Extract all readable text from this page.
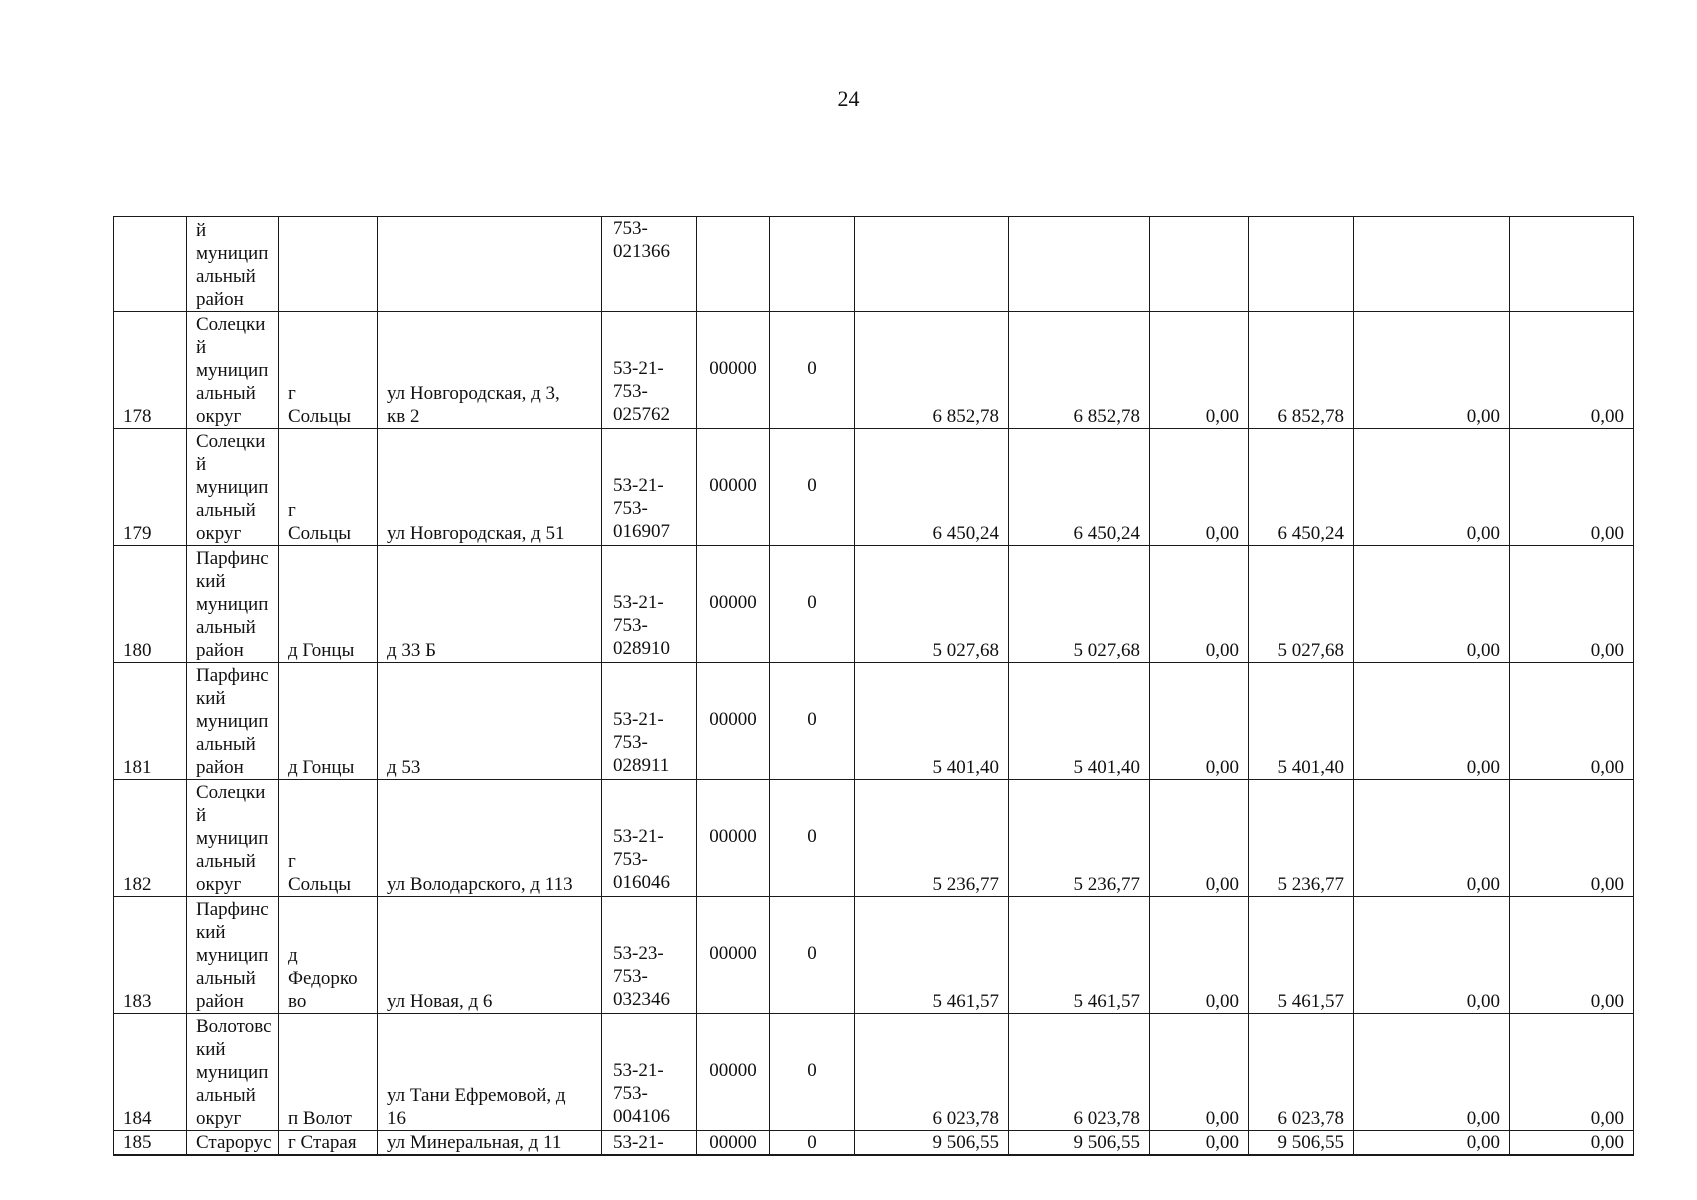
24
	й
муницип
альный
район			753-
021366								
178	Солецки
й
муницип
альный
округ	г
Сольцы	ул Новгородская, д 3,
кв 2	53-21-
753-
025762	00000	0	6 852,78	6 852,78	0,00	6 852,78	0,00	0,00
179	Солецки
й
муницип
альный
округ	г
Сольцы	ул Новгородская, д 51	53-21-
753-
016907	00000	0	6 450,24	6 450,24	0,00	6 450,24	0,00	0,00
180	Парфинс
кий
муницип
альный
район	д Гонцы	д 33 Б	53-21-
753-
028910	00000	0	5 027,68	5 027,68	0,00	5 027,68	0,00	0,00
181	Парфинс
кий
муницип
альный
район	д Гонцы	д 53	53-21-
753-
028911	00000	0	5 401,40	5 401,40	0,00	5 401,40	0,00	0,00
182	Солецки
й
муницип
альный
округ	г
Сольцы	ул Володарского, д 113	53-21-
753-
016046	00000	0	5 236,77	5 236,77	0,00	5 236,77	0,00	0,00
183	Парфинс
кий
муницип
альный
район	д
Федорко
во	ул Новая, д 6	53-23-
753-
032346	00000	0	5 461,57	5 461,57	0,00	5 461,57	0,00	0,00
184	Волотовс
кий
муницип
альный
округ	п Волот	ул Тани Ефремовой, д
16	53-21-
753-
004106	00000	0	6 023,78	6 023,78	0,00	6 023,78	0,00	0,00
185	Старорус	г Старая	ул Минеральная, д 11	53-21-	00000	0	9 506,55	9 506,55	0,00	9 506,55	0,00	0,00
